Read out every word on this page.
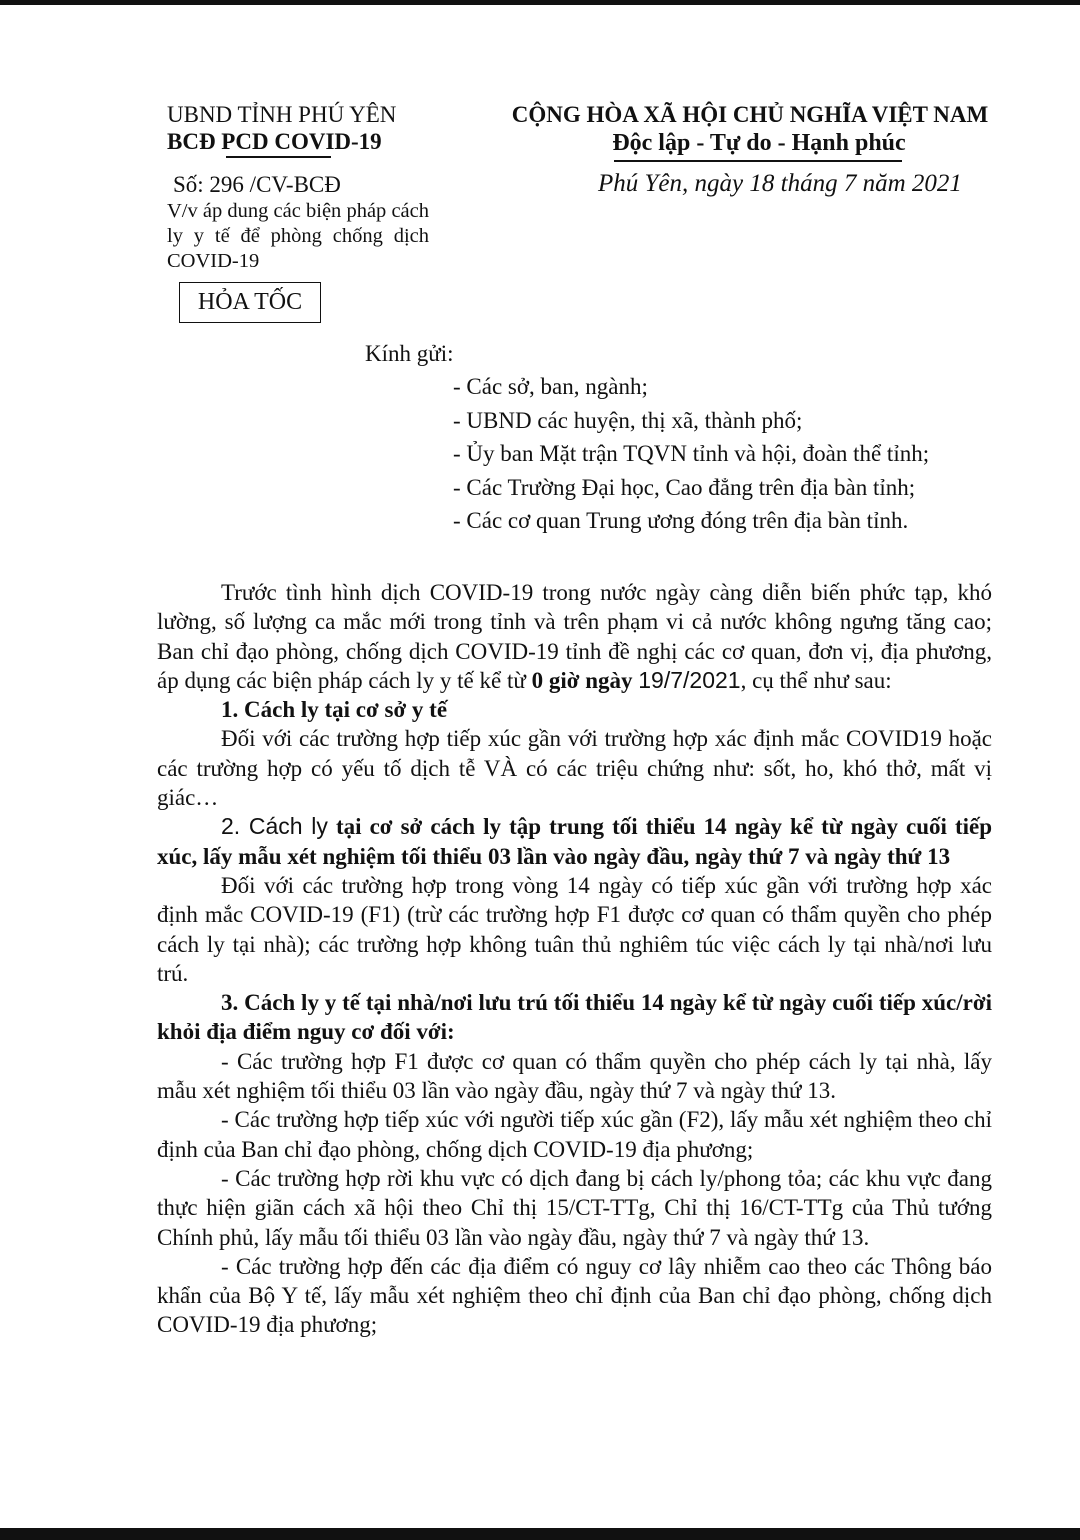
UBND TỈNH PHÚ YÊN
BCĐ PCD COVID-19
Số: 296 /CV-BCĐ
V/v áp dung các biện pháp cách ly y tế để phòng chống dịch COVID-19
HỎA TỐC
CỘNG HÒA XÃ HỘI CHỦ NGHĨA VIỆT NAM
Độc lập - Tự do - Hạnh phúc
Phú Yên, ngày 18 tháng 7 năm 2021
Kính gửi:
- Các sở, ban, ngành;
- UBND các huyện, thị xã, thành phố;
- Ủy ban Mặt trận TQVN tỉnh và hội, đoàn thể tỉnh;
- Các Trường Đại học, Cao đẳng trên địa bàn tỉnh;
- Các cơ quan Trung ương đóng trên địa bàn tỉnh.

Trước tình hình dịch COVID-19 trong nước ngày càng diễn biến phức tạp, khó lường, số lượng ca mắc mới trong tỉnh và trên phạm vi cả nước không ngưng tăng cao; Ban chỉ đạo phòng, chống dịch COVID-19 tỉnh đề nghị các cơ quan, đơn vị, địa phương, áp dụng các biện pháp cách ly y tế kể từ 0 giờ ngày 19/7/2021, cụ thể như sau:

1. Cách ly tại cơ sở y tế

Đối với các trường hợp tiếp xúc gần với trường hợp xác định mắc COVID19 hoặc các trường hợp có yếu tố dịch tễ VÀ có các triệu chứng như: sốt, ho, khó thở, mất vị giác…

2. Cách ly tại cơ sở cách ly tập trung tối thiểu 14 ngày kể từ ngày cuối tiếp xúc, lấy mẫu xét nghiệm tối thiểu 03 lần vào ngày đầu, ngày thứ 7 và ngày thứ 13

Đối với các trường hợp trong vòng 14 ngày có tiếp xúc gần với trường hợp xác định mắc COVID-19 (F1) (trừ các trường hợp F1 được cơ quan có thẩm quyền cho phép cách ly tại nhà); các trường hợp không tuân thủ nghiêm túc việc cách ly tại nhà/nơi lưu trú.

3. Cách ly y tế tại nhà/nơi lưu trú tối thiểu 14 ngày kể từ ngày cuối tiếp xúc/rời khỏi địa điểm nguy cơ đối với:

- Các trường hợp F1 được cơ quan có thẩm quyền cho phép cách ly tại nhà, lấy mẫu xét nghiệm tối thiểu 03 lần vào ngày đầu, ngày thứ 7 và ngày thứ 13.

- Các trường hợp tiếp xúc với người tiếp xúc gần (F2), lấy mẫu xét nghiệm theo chỉ định của Ban chỉ đạo phòng, chống dịch COVID-19 địa phương;

- Các trường hợp rời khu vực có dịch đang bị cách ly/phong tỏa; các khu vực đang thực hiện giãn cách xã hội theo Chỉ thị 15/CT-TTg, Chỉ thị 16/CT-TTg của Thủ tướng Chính phủ, lấy mẫu tối thiểu 03 lần vào ngày đầu, ngày thứ 7 và ngày thứ 13.

- Các trường hợp đến các địa điểm có nguy cơ lây nhiễm cao theo các Thông báo khẩn của Bộ Y tế, lấy mẫu xét nghiệm theo chỉ định của Ban chỉ đạo phòng, chống dịch COVID-19 địa phương;
